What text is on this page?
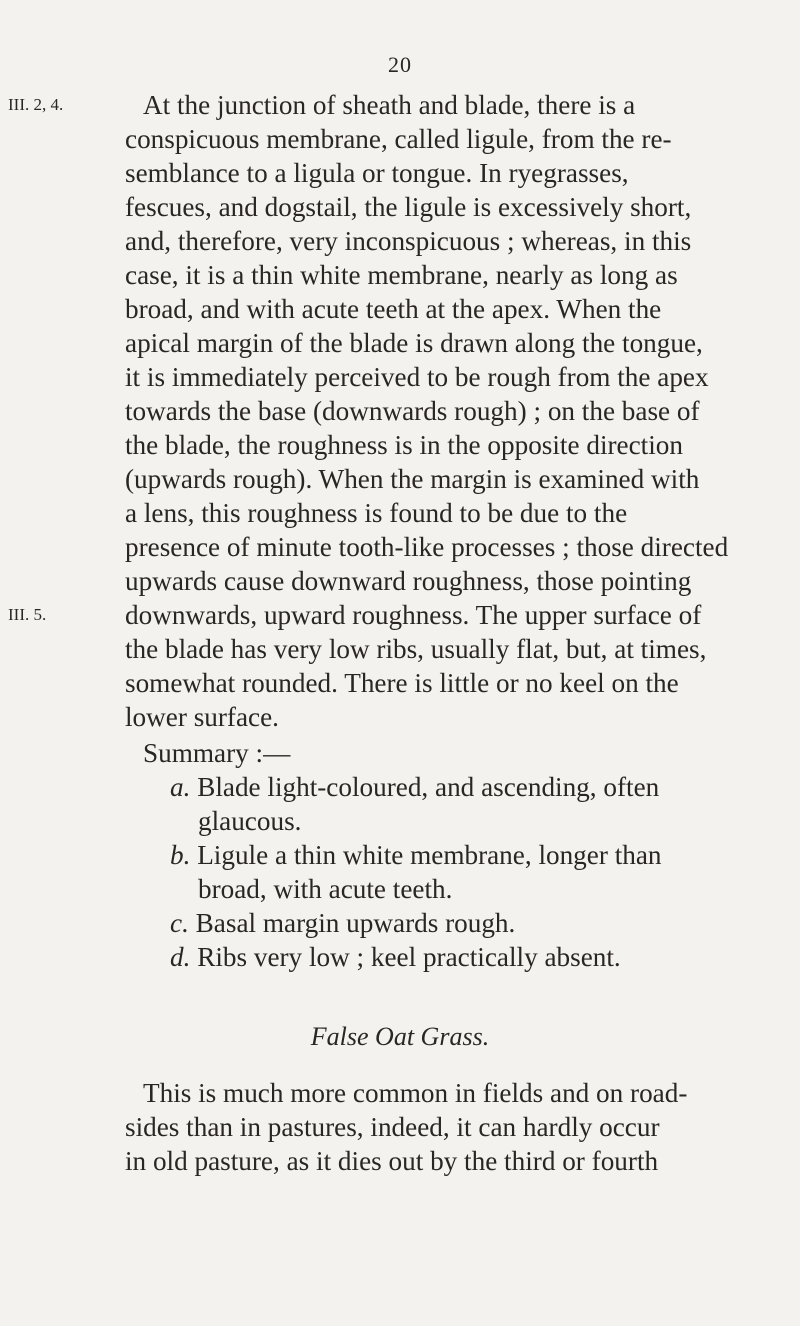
20
III. 2, 4.
III. 5.
At the junction of sheath and blade, there is a
conspicuous membrane, called ligule, from the re-
semblance to a ligula or tongue. In ryegrasses,
fescues, and dogstail, the ligule is excessively short,
and, therefore, very inconspicuous ; whereas, in this
case, it is a thin white membrane, nearly as long as
broad, and with acute teeth at the apex. When the
apical margin of the blade is drawn along the tongue,
it is immediately perceived to be rough from the apex
towards the base (downwards rough) ; on the base of
the blade, the roughness is in the opposite direction
(upwards rough). When the margin is examined with
a lens, this roughness is found to be due to the
presence of minute tooth-like processes ; those directed
upwards cause downward roughness, those pointing
downwards, upward roughness. The upper surface of
the blade has very low ribs, usually flat, but, at times,
somewhat rounded. There is little or no keel on the
lower surface.
Summary :—
a. Blade light-coloured, and ascending, often
glaucous.
b. Ligule a thin white membrane, longer than
broad, with acute teeth.
c. Basal margin upwards rough.
d. Ribs very low ; keel practically absent.
False Oat Grass.
This is much more common in fields and on road-
sides than in pastures, indeed, it can hardly occur
in old pasture, as it dies out by the third or fourth
